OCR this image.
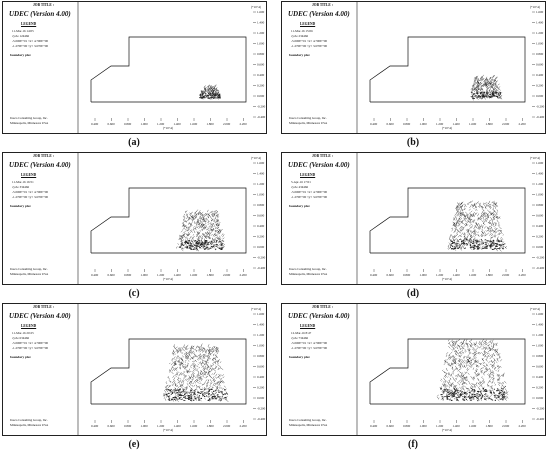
JOB TITLE :
UDEC (Version 4.00)
LEGEND
11-Mar-16 14:05
cycle 124466
-5.000E+01 <x< 4.700E+00
-1.270E+00 <y< 3.670E+00
boundary plot
Itasca Consulting Group, Inc.
Minneapolis, Minnesota USA
1.600
1.400
1.200
1.000
0.800
0.600
0.400
0.200
0.000
-0.200
-0.400
(*10^4)
0.400	0.600	0.800	1.000	1.200	1.400	1.600	1.800	2.000	2.200
(*10^4)
(a)
JOB TITLE :
UDEC (Version 4.00)
LEGEND
11-Mar-16 15:06
cycle 234466
-5.000E+01 <x< 4.700E+00
-1.270E+00 <y< 3.670E+00
boundary plot
Itasca Consulting Group, Inc.
Minneapolis, Minnesota USA
1.600
1.400
1.200
1.000
0.800
0.600
0.400
0.200
0.000
-0.200
-0.400
(*10^4)
0.400	0.600	0.800	1.000	1.200	1.400	1.600	1.800	2.000	2.200
(*10^4)
(b)
JOB TITLE :
UDEC (Version 4.00)
LEGEND
11-Mar-16 16:51
cycle 334466
-5.000E+01 <x< 4.700E+00
-1.270E+00 <y< 3.670E+00
boundary plot
Itasca Consulting Group, Inc.
Minneapolis, Minnesota USA
1.600
1.400
1.200
1.000
0.800
0.600
0.400
0.200
0.000
-0.200
-0.400
(*10^4)
0.400	0.600	0.800	1.000	1.200	1.400	1.600	1.800	2.000	2.200
(*10^4)
(c)
JOB TITLE :
UDEC (Version 4.00)
LEGEND
5-Apr-16 17:01
cycle 434466
-5.000E+01 <x< 4.700E+00
-1.270E+00 <y< 3.670E+00
boundary plot
Itasca Consulting Group, Inc.
Minneapolis, Minnesota USA
1.600
1.400
1.200
1.000
0.800
0.600
0.400
0.200
0.000
-0.200
-0.400
(*10^4)
0.400	0.600	0.800	1.000	1.200	1.400	1.600	1.800	2.000	2.200
(*10^4)
(d)
JOB TITLE :
UDEC (Version 4.00)
LEGEND
11-Mar-16 20:25
cycle 634466
-5.000E+01 <x< 4.700E+00
-1.270E+00 <y< 3.670E+00
boundary plot
Itasca Consulting Group, Inc.
Minneapolis, Minnesota USA
1.600
1.400
1.200
1.000
0.800
0.600
0.400
0.200
0.000
-0.200
-0.400
(*10^4)
0.400	0.600	0.800	1.000	1.200	1.400	1.600	1.800	2.000	2.200
(*10^4)
(e)
JOB TITLE :
UDEC (Version 4.00)
LEGEND
12-Mar-16 8:47
cycle 734466
-5.000E+01 <x< 4.700E+00
-1.270E+00 <y< 3.670E+00
boundary plot
Itasca Consulting Group, Inc.
Minneapolis, Minnesota USA
1.600
1.400
1.200
1.000
0.800
0.600
0.400
0.200
0.000
-0.200
-0.400
(*10^4)
0.400	0.600	0.800	1.000	1.200	1.400	1.600	1.800	2.000	2.200
(*10^4)
(f)
